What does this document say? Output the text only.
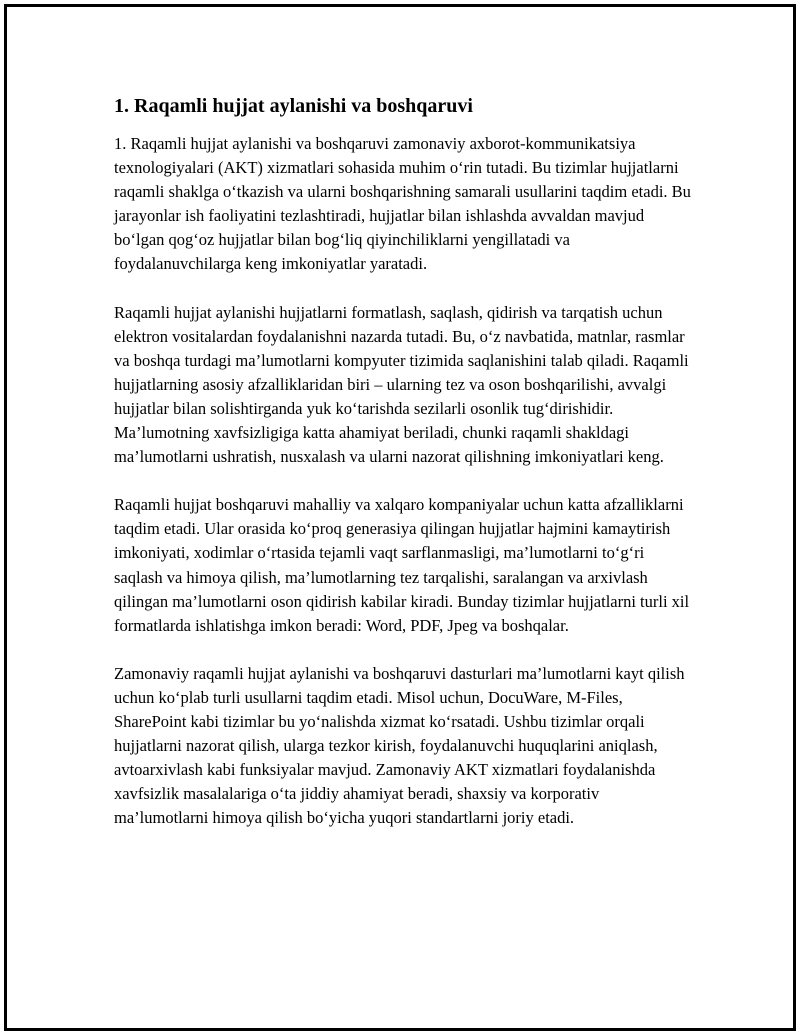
1. Raqamli hujjat aylanishi va boshqaruvi

1. Raqamli hujjat aylanishi va boshqaruvi zamonaviy axborot-kommunikatsiya texnologiyalari (AKT) xizmatlari sohasida muhim o‘rin tutadi. Bu tizimlar hujjatlarni raqamli shaklga o‘tkazish va ularni boshqarishning samarali usullarini taqdim etadi. Bu jarayonlar ish faoliyatini tezlashtiradi, hujjatlar bilan ishlashda avvaldan mavjud bo‘lgan qog‘oz hujjatlar bilan bog‘liq qiyinchiliklarni yengillatadi va foydalanuvchilarga keng imkoniyatlar yaratadi.

Raqamli hujjat aylanishi hujjatlarni formatlash, saqlash, qidirish va tarqatish uchun elektron vositalardan foydalanishni nazarda tutadi. Bu, o‘z navbatida, matnlar, rasmlar va boshqa turdagi ma’lumotlarni kompyuter tizimida saqlanishini talab qiladi. Raqamli hujjatlarning asosiy afzalliklaridan biri – ularning tez va oson boshqarilishi, avvalgi hujjatlar bilan solishtirganda yuk ko‘tarishda sezilarli osonlik tug‘dirishidir. Ma’lumotning xavfsizligiga katta ahamiyat beriladi, chunki raqamli shakldagi ma’lumotlarni ushratish, nusxalash va ularni nazorat qilishning imkoniyatlari keng.

Raqamli hujjat boshqaruvi mahalliy va xalqaro kompaniyalar uchun katta afzalliklarni taqdim etadi. Ular orasida ko‘proq generasiya qilingan hujjatlar hajmini kamaytirish imkoniyati, xodimlar o‘rtasida tejamli vaqt sarflanmasligi, ma’lumotlarni to‘g‘ri saqlash va himoya qilish, ma’lumotlarning tez tarqalishi, saralangan va arxivlash qilingan ma’lumotlarni oson qidirish kabilar kiradi. Bunday tizimlar hujjatlarni turli xil formatlarda ishlatishga imkon beradi: Word, PDF, Jpeg va boshqalar.

Zamonaviy raqamli hujjat aylanishi va boshqaruvi dasturlari ma’lumotlarni kayt qilish uchun ko‘plab turli usullarni taqdim etadi. Misol uchun, DocuWare, M-Files, SharePoint kabi tizimlar bu yo‘nalishda xizmat ko‘rsatadi. Ushbu tizimlar orqali hujjatlarni nazorat qilish, ularga tezkor kirish, foydalanuvchi huquqlarini aniqlash, avtoarxivlash kabi funksiyalar mavjud. Zamonaviy AKT xizmatlari foydalanishda xavfsizlik masalalariga o‘ta jiddiy ahamiyat beradi, shaxsiy va korporativ ma’lumotlarni himoya qilish bo‘yicha yuqori standartlarni joriy etadi.
